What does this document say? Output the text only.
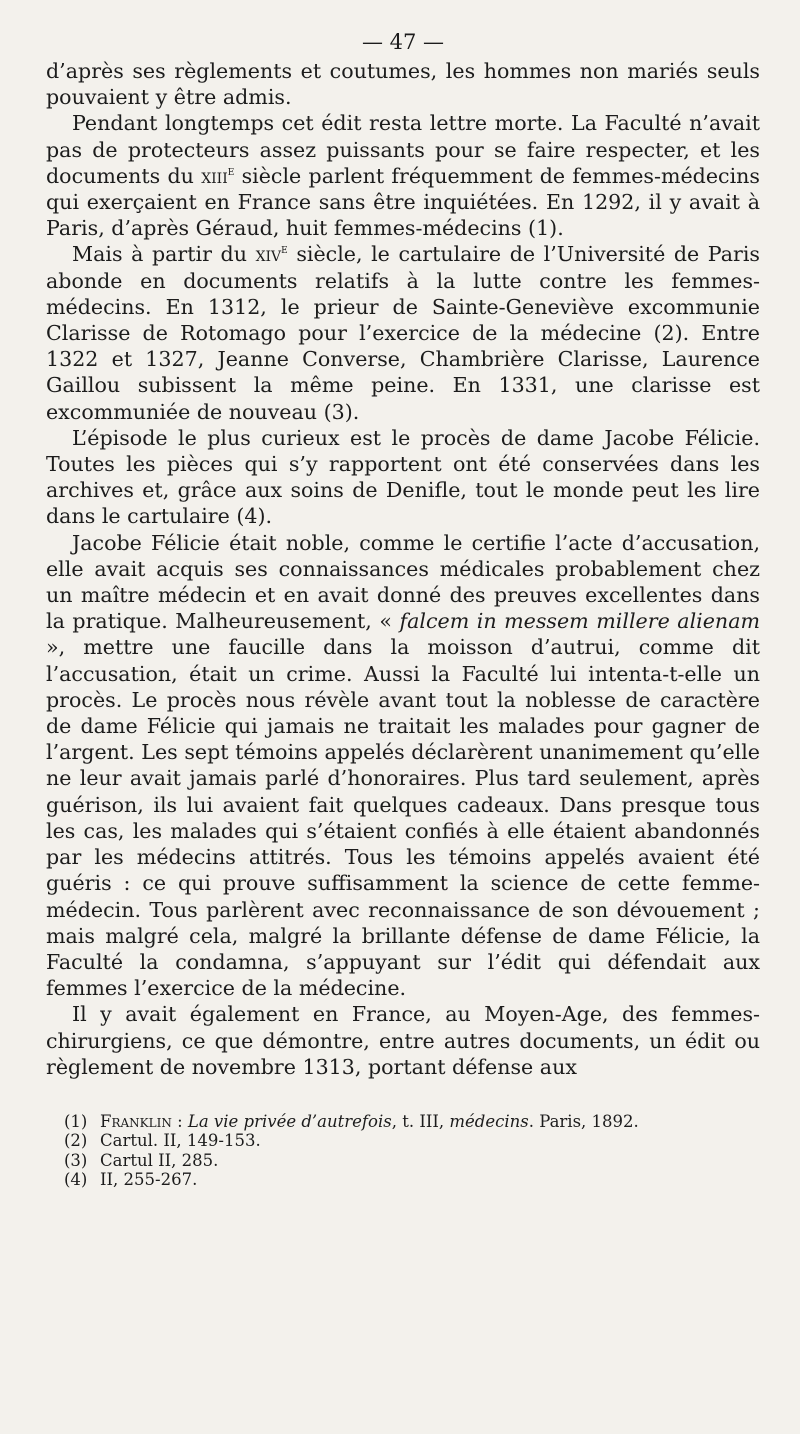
— 47 —

d’après ses règlements et coutumes, les hommes non mariés seuls pouvaient y être admis.

Pendant longtemps cet édit resta lettre morte. La Faculté n’avait pas de protecteurs assez puissants pour se faire respecter, et les documents du xiii$^e$ siècle parlent fréquemment de femmes-médecins qui exerçaient en France sans être inquiétées. En 1292, il y avait à Paris, d’après Géraud, huit femmes-médecins (1).

Mais à partir du xiv$^e$ siècle, le cartulaire de l’Université de Paris abonde en documents relatifs à la lutte contre les femmes-médecins. En 1312, le prieur de Sainte-Geneviève excommunie Clarisse de Rotomago pour l’exercice de la médecine (2). Entre 1322 et 1327, Jeanne Converse, Chambrière Clarisse, Laurence Gaillou subissent la même peine. En 1331, une clarisse est excommuniée de nouveau (3).

L’épisode le plus curieux est le procès de dame Jacobe Félicie. Toutes les pièces qui s’y rapportent ont été conservées dans les archives et, grâce aux soins de Denifle, tout le monde peut les lire dans le cartulaire (4).

Jacobe Félicie était noble, comme le certifie l’acte d’accusation, elle avait acquis ses connaissances médicales probablement chez un maître médecin et en avait donné des preuves excellentes dans la pratique. Malheureusement, « falcem in messem millere alienam », mettre une faucille dans la moisson d’autrui, comme dit l’accusation, était un crime. Aussi la Faculté lui intenta-t-elle un procès. Le procès nous révèle avant tout la noblesse de caractère de dame Félicie qui jamais ne traitait les malades pour gagner de l’argent. Les sept témoins appelés déclarèrent unanimement qu’elle ne leur avait jamais parlé d’honoraires. Plus tard seulement, après guérison, ils lui avaient fait quelques cadeaux. Dans presque tous les cas, les malades qui s’étaient confiés à elle étaient abandonnés par les médecins attitrés. Tous les témoins appelés avaient été guéris : ce qui prouve suffisamment la science de cette femme-médecin. Tous parlèrent avec reconnaissance de son dévouement ; mais malgré cela, malgré la brillante défense de dame Félicie, la Faculté la condamna, s’appuyant sur l’édit qui défendait aux femmes l’exercice de la médecine.

Il y avait également en France, au Moyen-Age, des femmes-chirurgiens, ce que démontre, entre autres documents, un édit ou règlement de novembre 1313, portant défense aux

(1) Franklin : La vie privée d’autrefois, t. III, médecins. Paris, 1892.

(2) Cartul. II, 149-153.

(3) Cartul II, 285.

(4) II, 255-267.
